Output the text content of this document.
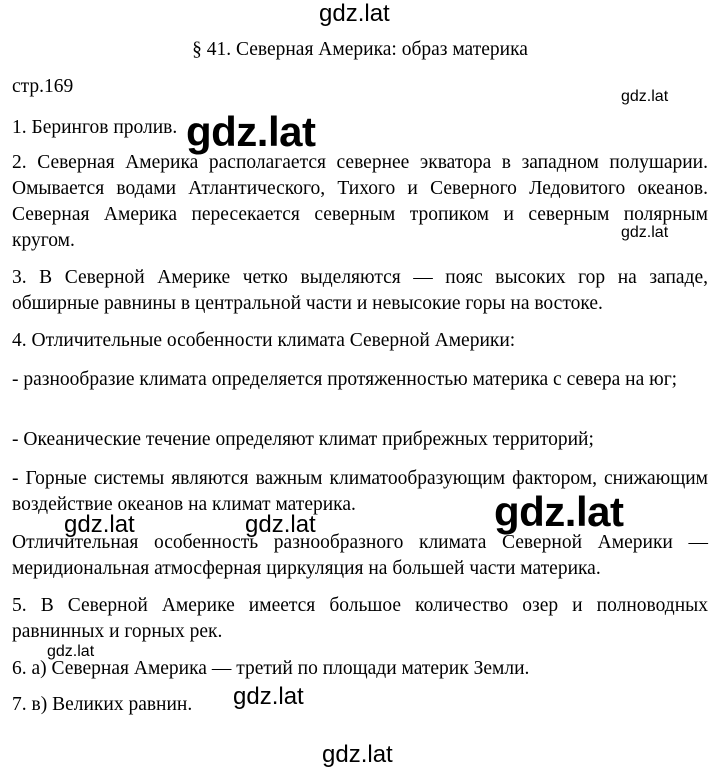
§ 41. Северная Америка: образ материка

стр.169

1. Берингов пролив.

2. Северная Америка располагается севернее экватора в западном полушарии. Омывается водами Атлантического, Тихого и Северного Ледовитого океанов. Северная Америка пересекается северным тропиком и северным полярным кругом.

3. В Северной Америке четко выделяются — пояс высоких гор на западе, обширные равнины в центральной части и невысокие горы на востоке.

4. Отличительные особенности климата Северной Америки:

- разнообразие климата определяется протяженностью материка с севера на юг;

- Океанические течение определяют климат прибрежных территорий;

- Горные системы являются важным климатообразующим фактором, снижающим воздействие океанов на климат материка.

Отличительная особенность разнообразного климата Северной Америки — меридиональная атмосферная циркуляция на большей части материка.

5. В Северной Америке имеется большое количество озер и полноводных равнинных и горных рек.

6. а) Северная Америка — третий по площади материк Земли.

7. в) Великих равнин.

gdz.lat
gdz.lat
gdz.lat
gdz.lat
gdz.lat
gdz.lat	gdz.lat
gdz.lat
gdz.lat
gdz.lat
